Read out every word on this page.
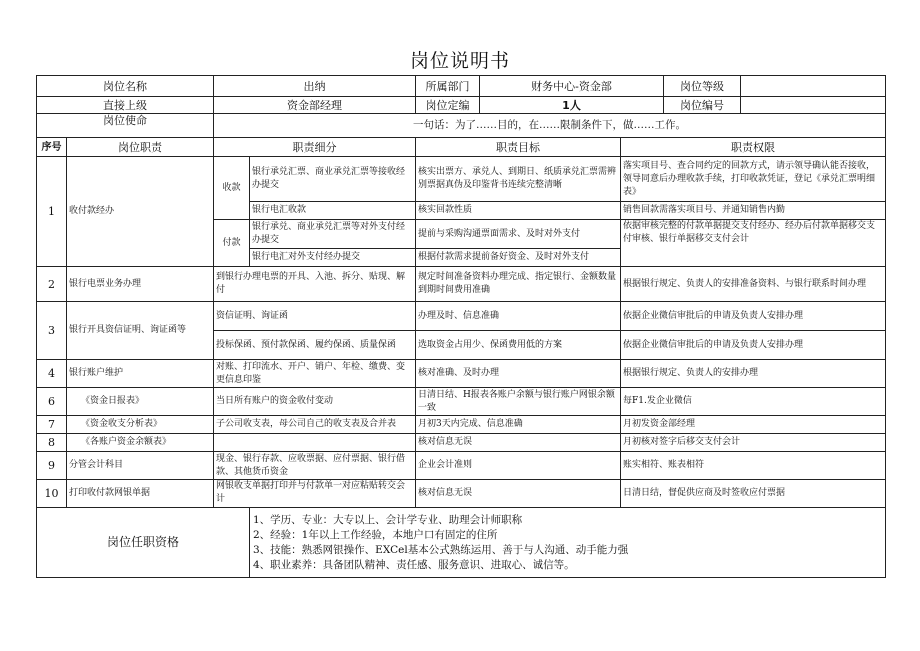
岗位说明书
岗位名称		出纳		所属部门	财务中心-资金部		岗位等级	
直接上级		资金部经理		岗位定编	1人		岗位编号	
岗位使命		一句话：为了……目的，在……限制条件下，做……工作。						
序号	岗位职责	职责细分		职责目标		职责权限		
1	收付款经办	收款	银行承兑汇票、商业承兑汇票等接收经办提交	核实出票方、承兑人、到期日、纸质承兑汇票需辨别票据真伪及印鉴背书连续完整清晰		落实项目号、查合同约定的回款方式，请示领导确认能否接收，领导同意后办理收款手续，打印收款凭证，登记《承兑汇票明细表》		
			银行电汇收款	核实回款性质		销售回款需落实项目号、并通知销售内勤		
		付款	银行承兑、商业承兑汇票等对外支付经办提交	提前与采购沟通票面需求、及时对外支付		依据审核完整的付款单据提交支付经办、经办后付款单据移交支付审核、银行单据移交支付会计		
			银行电汇对外支付经办提交	根据付款需求提前备好资金、及时对外支付				
2	银行电票业务办理	到银行办理电票的开具、入池、拆分、贴现、解付		规定时间准备资料办理完成、指定银行、金额数量到期时间费用准确		根据银行规定、负责人的安排准备资料、与银行联系时间办理		
3	银行开具资信证明、询证函等	资信证明、询证函		办理及时、信息准确		依据企业微信审批后的申请及负责人安排办理		
		投标保函、预付款保函、履约保函、质量保函		选取资金占用少、保函费用低的方案		依据企业微信审批后的申请及负责人安排办理		
4	银行账户维护	对账、打印流水、开户、销户、年检、缴费、变更信息印鉴		核对准确、及时办理		根据银行规定、负责人的安排办理		
6	《资金日报表》	当日所有账户的资金收付变动		日清日结、H报表各账户余额与银行账户网银余额一致		每F1.发企业微信		
7	《资金收支分析表》	子公司收支表，母公司自己的收支表及合并表		月初3天内完成、信息准确		月初发资金部经理		
8	《各账户资金余额表》			核对信息无误		月初核对签字后移交支付会计		
9	分管会计科目	现金、银行存款、应收票据、应付票据、银行借款、其他货币资金		企业会计准则		账实相符、账表相符		
10	打印收付款网银单据	网银收支单据打印并与付款单一对应粘贴转交会计		核对信息无误		日清日结，督促供应商及时签收应付票据		
岗位任职资格			1、学历、专业：大专以上、会计学专业、助理会计师职称
2、经验：1年以上工作经验，本地户口有固定的住所
3、技能：熟悉网银操作、EXCel基本公式熟练运用、善于与人沟通、动手能力强
4、职业素养：具备团队精神、责任感、服务意识、进取心、诚信等。					
